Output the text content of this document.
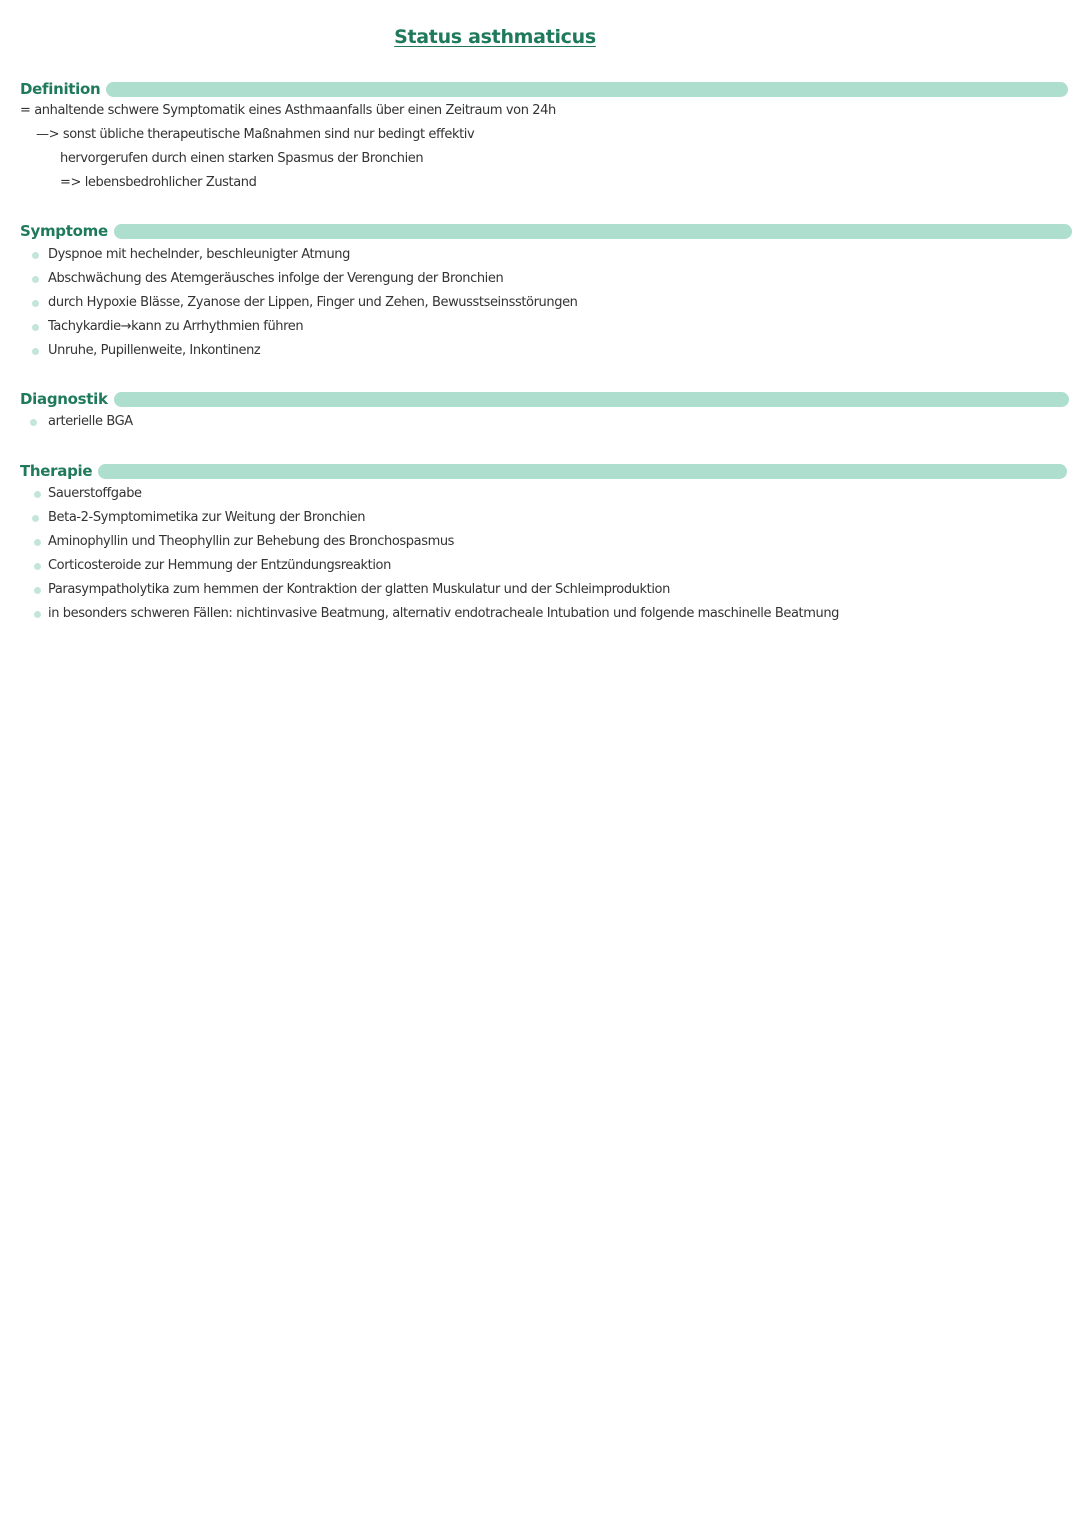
Status asthmaticus
Definition
= anhaltende schwere Symptomatik eines Asthmaanfalls über einen Zeitraum von 24h
—> sonst übliche therapeutische Maßnahmen sind nur bedingt effektiv
hervorgerufen durch einen starken Spasmus der Bronchien
=> lebensbedrohlicher Zustand
Symptome
Dyspnoe mit hechelnder, beschleunigter Atmung
Abschwächung des Atemgeräusches infolge der Verengung der Bronchien
durch Hypoxie Blässe, Zyanose der Lippen, Finger und Zehen, Bewusstseinsstörungen
Tachykardie→kann zu Arrhythmien führen
Unruhe, Pupillenweite, Inkontinenz
Diagnostik
arterielle BGA
Therapie
Sauerstoffgabe
Beta-2-Symptomimetika zur Weitung der Bronchien
Aminophyllin und Theophyllin zur Behebung des Bronchospasmus
Corticosteroide zur Hemmung der Entzündungsreaktion
Parasympatholytika zum hemmen der Kontraktion der glatten Muskulatur und der Schleimproduktion
in besonders schweren Fällen: nichtinvasive Beatmung, alternativ endotracheale Intubation und folgende maschinelle Beatmung
